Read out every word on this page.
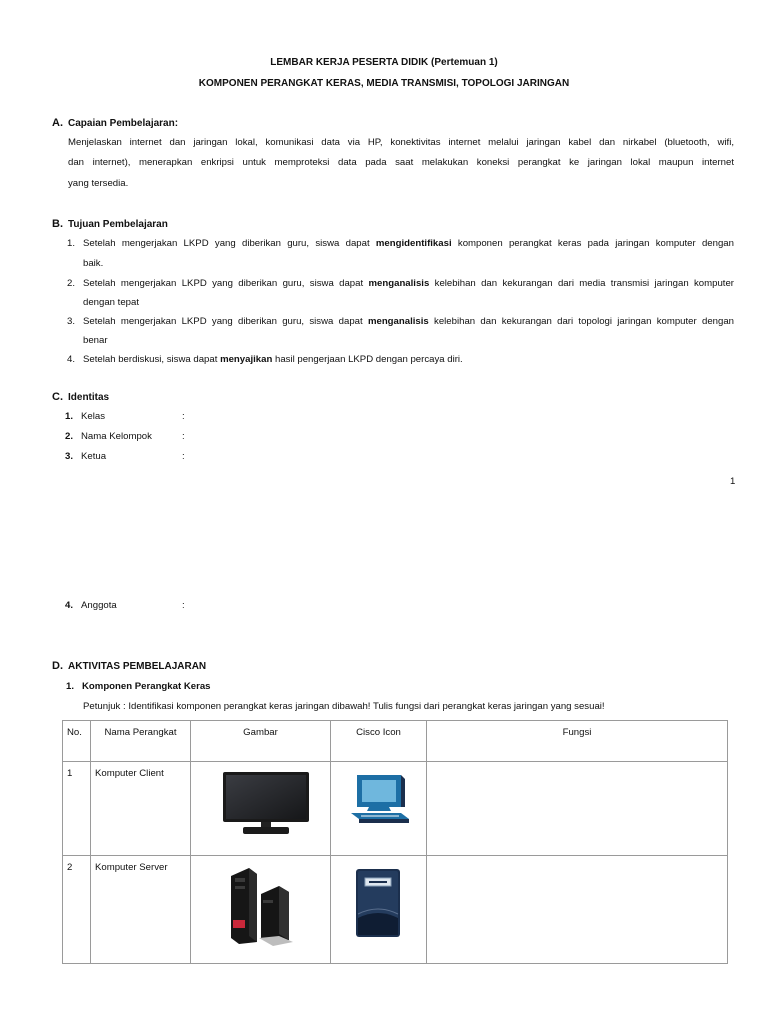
LEMBAR KERJA PESERTA DIDIK (Pertemuan 1)
KOMPONEN PERANGKAT KERAS, MEDIA TRANSMISI, TOPOLOGI JARINGAN
A. Capaian Pembelajaran:
Menjelaskan internet dan jaringan lokal, komunikasi data via HP, konektivitas internet melalui jaringan kabel dan nirkabel (bluetooth, wifi,
dan internet), menerapkan enkripsi untuk memproteksi data pada saat melakukan koneksi perangkat ke jaringan lokal maupun internet
yang tersedia.
B. Tujuan Pembelajaran
1. Setelah mengerjakan LKPD yang diberikan guru, siswa dapat mengidentifikasi komponen perangkat keras pada jaringan komputer dengan
baik.
2. Setelah mengerjakan LKPD yang diberikan guru, siswa dapat menganalisis kelebihan dan kekurangan dari media transmisi jaringan komputer
dengan tepat
3. Setelah mengerjakan LKPD yang diberikan guru, siswa dapat menganalisis kelebihan dan kekurangan dari topologi jaringan komputer dengan
benar
4. Setelah berdiskusi, siswa dapat menyajikan hasil pengerjaan LKPD dengan percaya diri.
C. Identitas
1. Kelas	:
2. Nama Kelompok	:
3. Ketua	:
1
4. Anggota	:
D. AKTIVITAS PEMBELAJARAN
1. Komponen Perangkat Keras
Petunjuk : Identifikasi komponen perangkat keras jaringan dibawah! Tulis fungsi dari perangkat keras jaringan yang sesuai!
No.	Nama Perangkat	Gambar	Cisco Icon	Fungsi
1	Komputer Client	

2	Komputer Server	
